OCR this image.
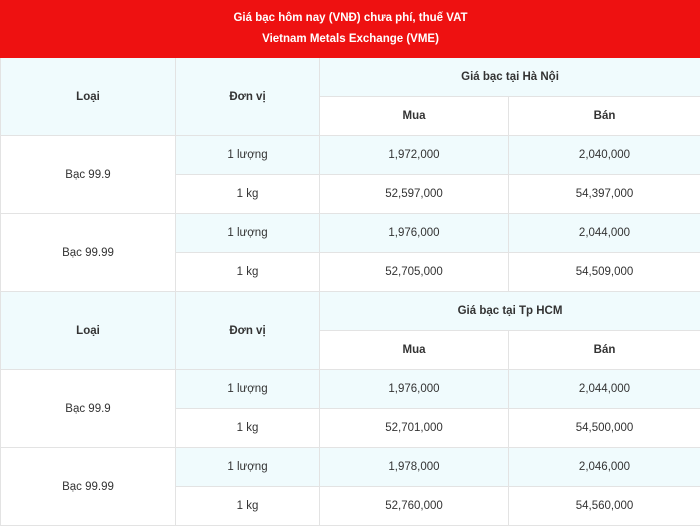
Giá bạc hôm nay (VNĐ) chưa phí, thuế VAT
Vietnam Metals Exchange (VME)			

Loại	Đơn vị	Giá bạc tại Hà Nội	
		Mua	Bán
Bạc 99.9	1 lượng	1,972,000	2,040,000
	1 kg	52,597,000	54,397,000
Bạc 99.99	1 lượng	1,976,000	2,044,000
	1 kg	52,705,000	54,509,000
Loại	Đơn vị	Giá bạc tại Tp HCM	
		Mua	Bán
Bạc 99.9	1 lượng	1,976,000	2,044,000
	1 kg	52,701,000	54,500,000
Bạc 99.99	1 lượng	1,978,000	2,046,000
	1 kg	52,760,000	54,560,000
